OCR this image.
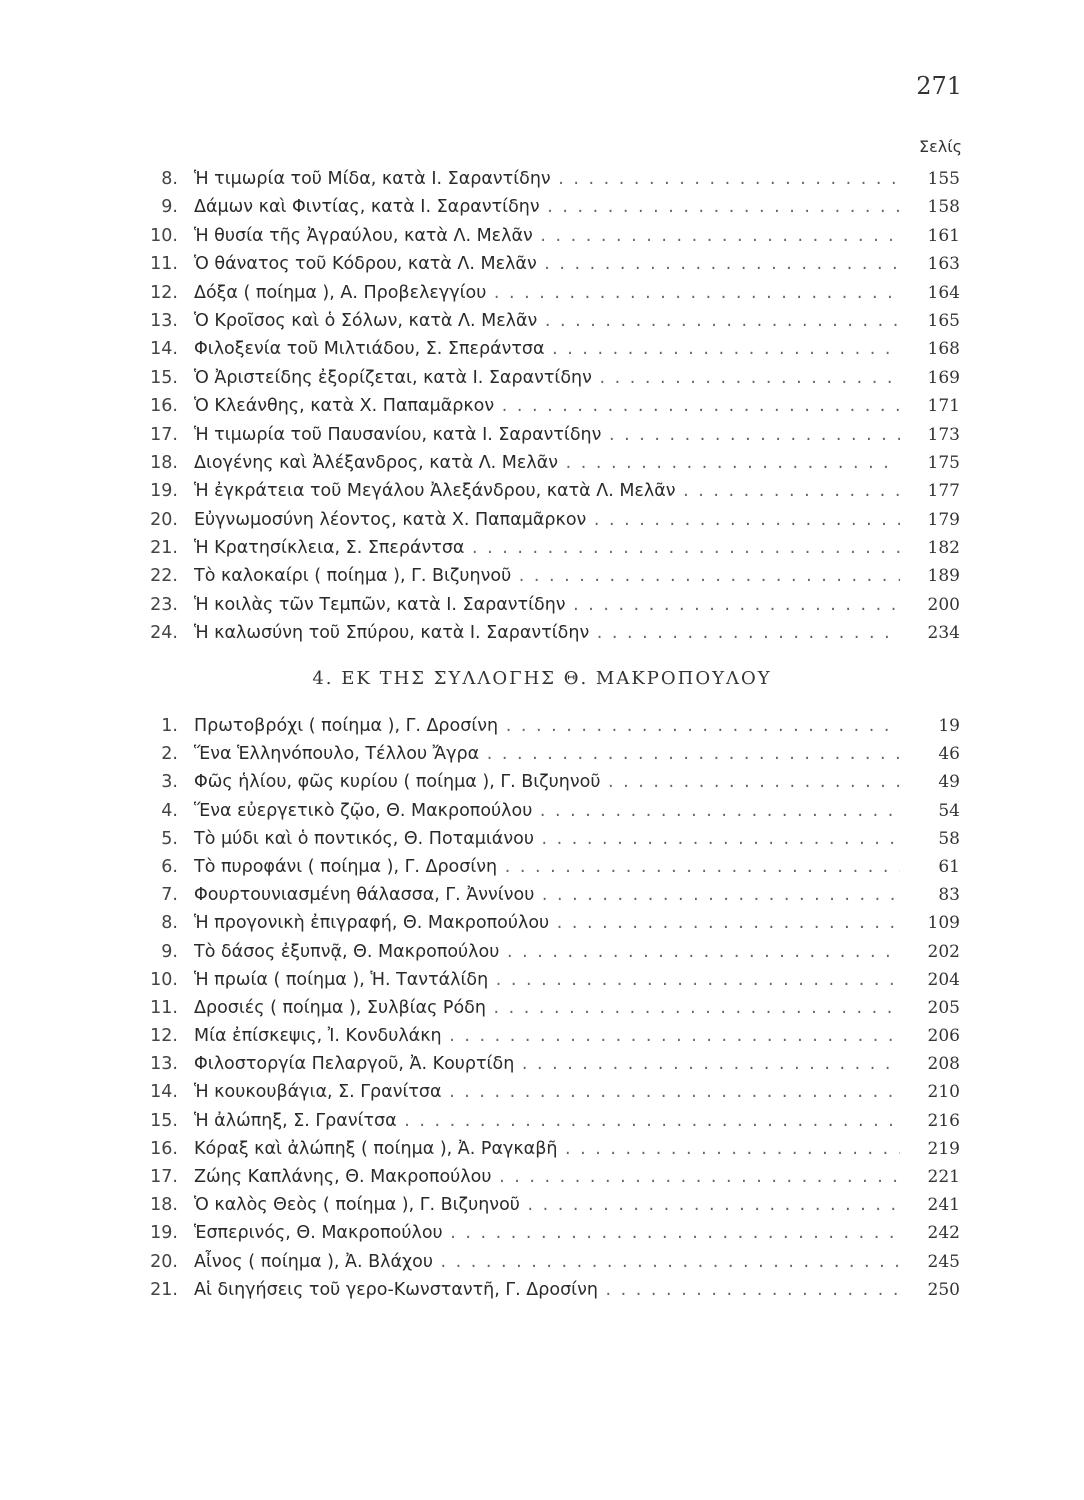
271
Σελίς
8. Ἡ τιμωρία τοῦ Μίδα, κατὰ Ι. Σαραντίδην . . .	155
9. Δάμων καὶ Φιντίας, κατὰ Ι. Σαραντίδην . . .	158
10. Ἡ θυσία τῆς Ἀγραύλου, κατὰ Λ. Μελᾶν . . .	161
11. Ὁ θάνατος τοῦ Κόδρου, κατὰ Λ. Μελᾶν . . .	163
12. Δόξα ( ποίημα ), Α. Προβελεγγίου . . .	164
13. Ὁ Κροῖσος καὶ ὁ Σόλων, κατὰ Λ. Μελᾶν . . .	165
14. Φιλοξενία τοῦ Μιλτιάδου, Σ. Σπεράντσα . . .	168
15. Ὁ Ἀριστείδης ἐξορίζεται, κατὰ Ι. Σαραντίδην . . .	169
16. Ὁ Κλεάνθης, κατὰ Χ. Παπαμᾶρκον . . .	171
17. Ἡ τιμωρία τοῦ Παυσανίου, κατὰ Ι. Σαραντίδην . . .	173
18. Διογένης καὶ Ἀλέξανδρος, κατὰ Λ. Μελᾶν . . .	175
19. Ἡ ἐγκράτεια τοῦ Μεγάλου Ἀλεξάνδρου, κατὰ Λ. Μελᾶν . . .	177
20. Εὐγνωμοσύνη λέοντος, κατὰ Χ. Παπαμᾶρκον . . .	179
21. Ἡ Κρατησίκλεια, Σ. Σπεράντσα . . .	182
22. Τὸ καλοκαίρι ( ποίημα ), Γ. Βιζυηνοῦ . . .	189
23. Ἡ κοιλὰς τῶν Τεμπῶν, κατὰ Ι. Σαραντίδην . . .	200
24. Ἡ καλωσύνη τοῦ Σπύρου, κατὰ Ι. Σαραντίδην . . .	234
4. ΕΚ ΤΗΣ ΣΥΛΛΟΓΗΣ Θ. ΜΑΚΡΟΠΟΥΛΟΥ
1. Πρωτοβρόχι ( ποίημα ), Γ. Δροσίνη . . .	19
2. Ἕνα Ἑλληνόπουλο, Τέλλου Ἄγρα . . .	46
3. Φῶς ἡλίου, φῶς κυρίου ( ποίημα ), Γ. Βιζυηνοῦ . . .	49
4. Ἕνα εὐεργετικὸ ζῷο, Θ. Μακροπούλου . . .	54
5. Τὸ μύδι καὶ ὁ ποντικός, Θ. Ποταμιάνου . . .	58
6. Τὸ πυροφάνι ( ποίημα ), Γ. Δροσίνη . . .	61
7. Φουρτουνιασμένη θάλασσα, Γ. Ἀννίνου . . .	83
8. Ἡ προγονικὴ ἐπιγραφή, Θ. Μακροπούλου . . .	109
9. Τὸ δάσος ἐξυπνᾷ, Θ. Μακροπούλου . . .	202
10. Ἡ πρωία ( ποίημα ), Ἡ. Ταντάλίδη . . .	204
11. Δροσιές ( ποίημα ), Συλβίας Ρόδη . . .	205
12. Μία ἐπίσκεψις, Ἰ. Κονδυλάκη . . .	206
13. Φιλοστοργία Πελαργοῦ, Ἀ. Κουρτίδη . . .	208
14. Ἡ κουκουβάγια, Σ. Γρανίτσα . . .	210
15. Ἡ ἀλώπηξ, Σ. Γρανίτσα . . .	216
16. Κόραξ καὶ ἀλώπηξ ( ποίημα ), Ἀ. Ραγκαβῆ . . .	219
17. Ζώης Καπλάνης, Θ. Μακροπούλου . . .	221
18. Ὁ καλὸς Θεὸς ( ποίημα ), Γ. Βιζυηνοῦ . . .	241
19. Ἑσπερινός, Θ. Μακροπούλου . . .	242
20. Αἶνος ( ποίημα ), Ἀ. Βλάχου . . .	245
21. Αἱ διηγήσεις τοῦ γερο-Κωνσταντῆ, Γ. Δροσίνη . . .	250
